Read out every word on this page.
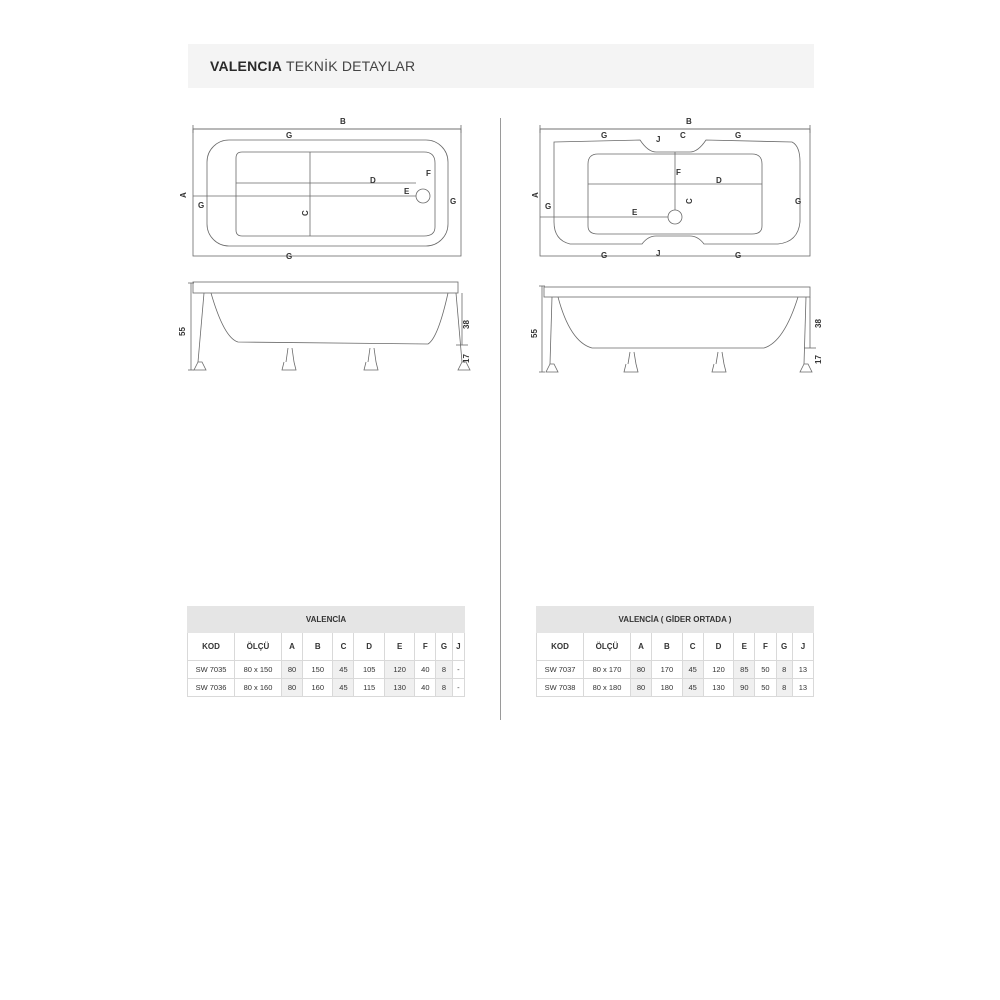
VALENCIA TEKNİK DETAYLAR
B
G
F
D
E
A
G	G
C
G
55
38
17
B
G	J C	G
F
D
A
G
G
E
C
G	J	G
55
38
17
VALENCİA									
KOD	ÖLÇÜ	A	B	C	D	E	F	G	J
SW 7035	80 x 150	80	150	45	105	120	40	8	-
SW 7036	80 x 160	80	160	45	115	130	40	8	-
VALENCİA ( GİDER ORTADA )									
KOD	ÖLÇÜ	A	B	C	D	E	F	G	J
SW 7037	80 x 170	80	170	45	120	85	50	8	13
SW 7038	80 x 180	80	180	45	130	90	50	8	13
